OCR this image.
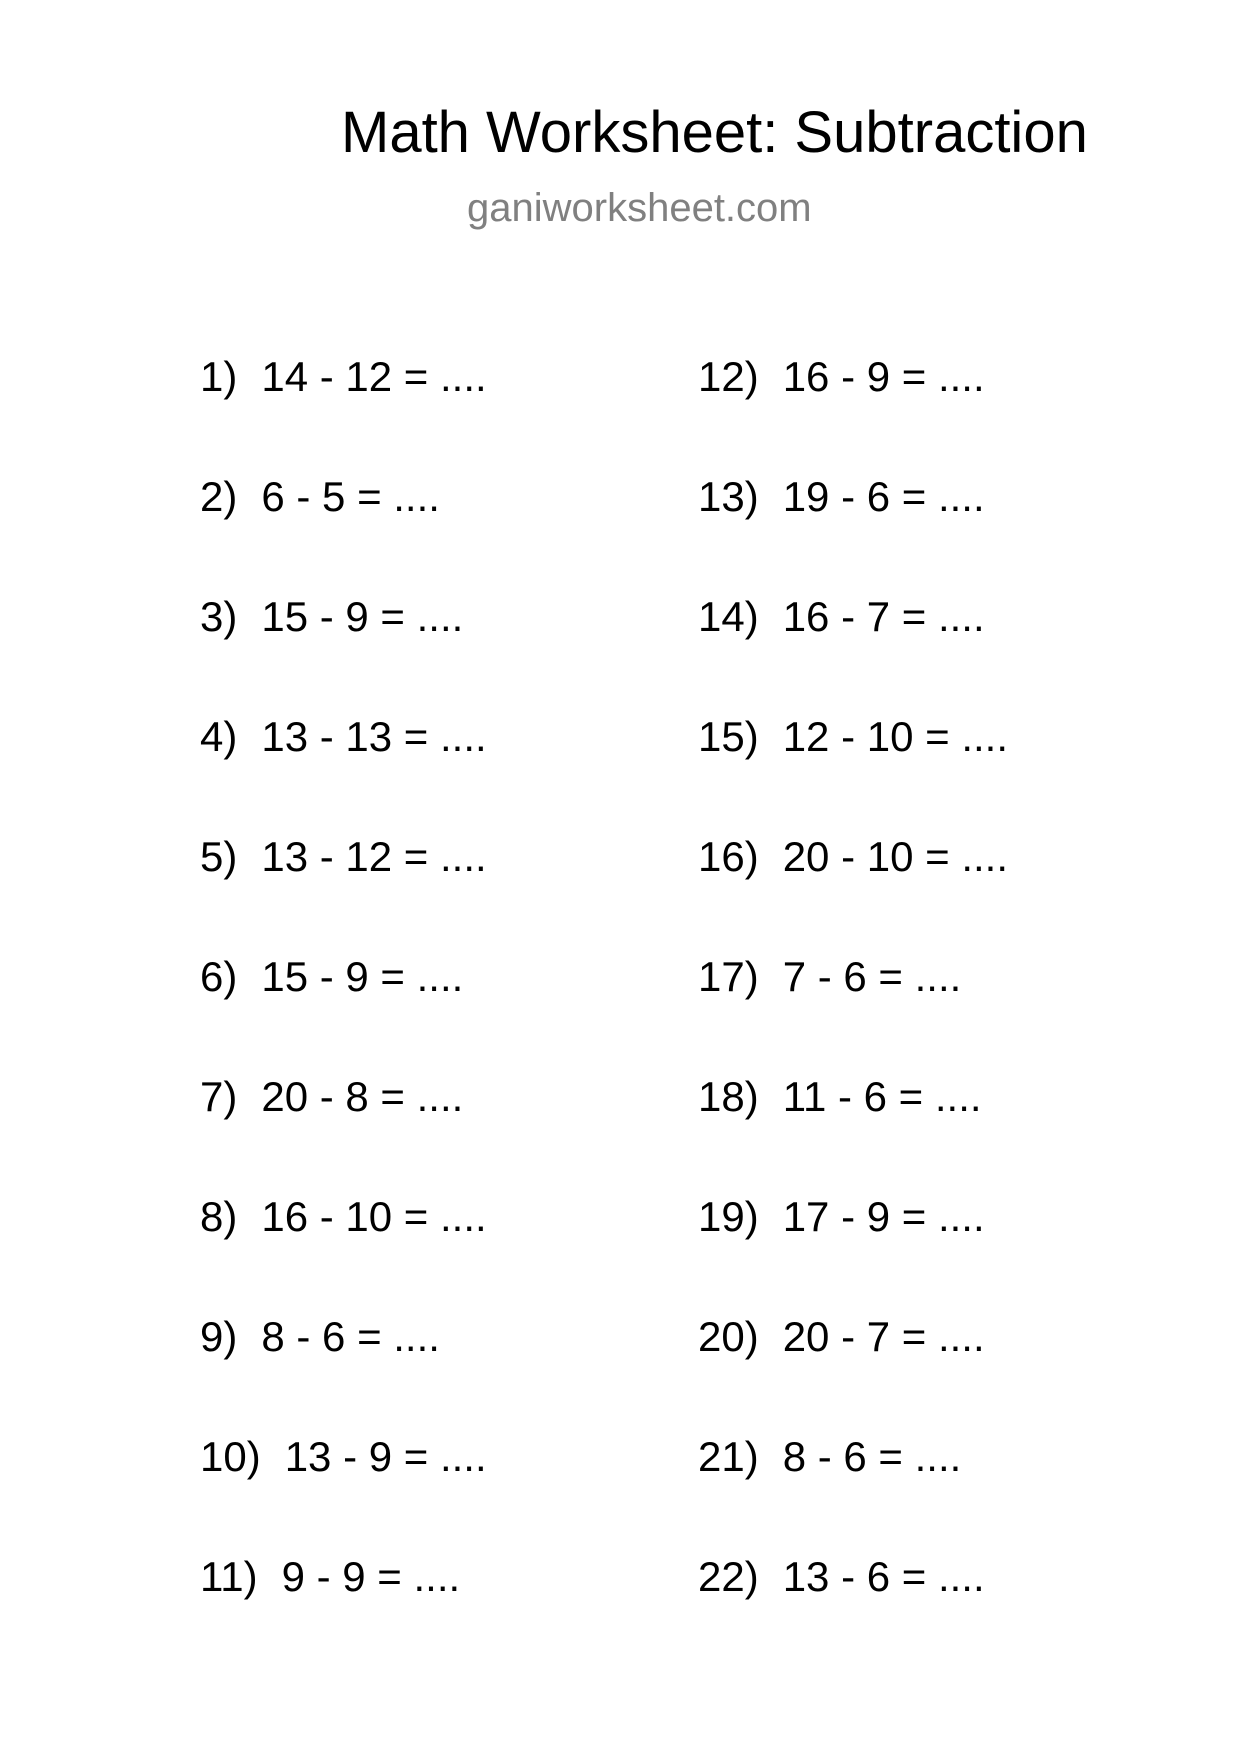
Math Worksheet: Subtraction
ganiworksheet.com
1) 14 - 12 = ....
2) 6 - 5 = ....
3) 15 - 9 = ....
4) 13 - 13 = ....
5) 13 - 12 = ....
6) 15 - 9 = ....
7) 20 - 8 = ....
8) 16 - 10 = ....
9) 8 - 6 = ....
10) 13 - 9 = ....
11) 9 - 9 = ....
12) 16 - 9 = ....
13) 19 - 6 = ....
14) 16 - 7 = ....
15) 12 - 10 = ....
16) 20 - 10 = ....
17) 7 - 6 = ....
18) 11 - 6 = ....
19) 17 - 9 = ....
20) 20 - 7 = ....
21) 8 - 6 = ....
22) 13 - 6 = ....
